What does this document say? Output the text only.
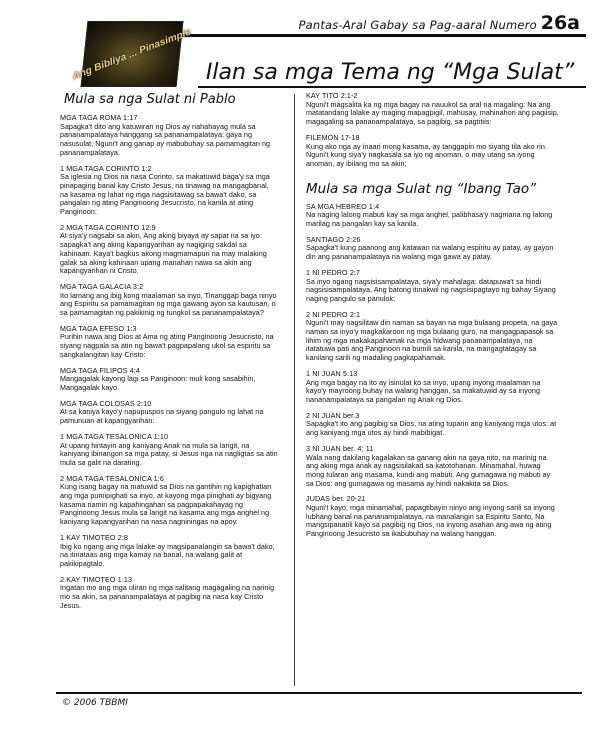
Pantas-Aral Gabay sa Pag-aaral Numero 26a
Ang Bibliya ... Pinasimple Ilan sa mga Tema ng “Mga Sulat”
Mula sa nga Sulat ni Pablo
MGA TAGA ROMA 1:17
Sapagka't dito ang katuwiran ng Dios ay nahahayag mula sa pananampalataya hanggang sa pananampalataya: gaya ng nasusulat, Nguni't ang ganap ay mabubuhay sa pamamagitan ng pananampalataya.
1 MGA TAGA CORINTO 1:2
Sa iglesia ng Dios na nasa Corinto, sa makatuwid baga'y sa mga pinapaging banal kay Cristo Jesus, na tinawag na mangagbanal, na kasama ng lahat ng mga nagsisitawag sa bawa't dako, sa pangalan ng ating Panginoong Jesucristo, na kanila at ating Panginoon:
2 MGA TAGA CORINTO 12:9
At siya'y nagsabi sa akin, Ang aking biyaya ay sapat na sa iyo: sapagka't ang aking kapangyarihan ay nagiging sakdal sa kahinaan. Kaya't bagkus akong magmamapuri na may malaking galak sa aking kahinaan upang manahan nawa sa akin ang kapangyarihan ni Cristo.
MGA TAGA GALACIA 3:2
Ito lamang ang ibig kong maalaman sa inyo, Tinanggap baga ninyo ang Espiritu sa pamamagitan ng mga gawang ayon sa kautusan, o sa pamamagitan ng pakikinig ng tungkol sa pananampalataya?
MGA TAGA EFESO 1:3
Purihin nawa ang Dios at Ama ng ating Panginoong Jesucristo, na siyang nagpala sa atin ng bawa't pagpapalang ukol sa espiritu sa sangkalangitan kay Cristo:
MGA TAGA FILIPOS 4:4
Mangagalak kayong lagi sa Panginoon: muli kong sasabihin, Mangagalak kayo.
MGA TAGA COLOSAS 2:10
At sa kaniya kayo'y napupuspos na siyang pangulo ng lahat na pamunuan at kapangyarihan:
1 MGA TAGA TESALONICA 1:10
At upang hintayin ang kaniyang Anak na mula sa langit, na kaniyang ibinangon sa mga patay, si Jesus nga na nagligtas sa atin mula sa galit na darating.
2 MGA TAGA TESALONICA 1:6
Kung isang bagay na matuwid sa Dios na gantihin ng kapighatian ang mga pumipighati sa inyo, at kayong mga pinighati ay bigyang kasama namin ng kapahingahan sa pagpapakahayag ng Panginoong Jesus mula sa langit na kasama ang mga anghel ng kaniyang kapangyarihan na nasa nagniningas na apoy.
1 KAY TIMOTEO 2:8
Ibig ko ngang ang mga lalake ay magsipanalangin sa bawa't dako, na itinataas ang mga kamay na banal, na walang galit at pakikipagtalo.
2 KAY TIMOTEO 1:13
Ingatan mo ang mga uliran ng mga salitang magagaling na narinig mo sa akin, sa pananampalataya at pagibig na nasa kay Cristo Jesus.
KAY TITO 2:1-2
Nguni't magsalita ka ng mga bagay na nauukol sa aral na magaling: Na ang matatandang lalake ay maging mapagpigil, mahusay, mahinahon ang pagiisip, magagaling sa pananampalataya, sa pagibig, sa pagtitiis:
FILEMON 17-18
Kung ako nga ay inaari mong kasama, ay tanggapin mo siyang tila ako rin. Nguni't kung siya'y nagkasala sa iyo ng anoman, o may utang sa iyong anoman, ay ibilang mo sa akin;
Mula sa mga Sulat ng “Ibang Tao”
SA MGA HEBREO 1:4
Na naging lalong mabuti kay sa mga anghel, palibhasa'y nagmana ng lalong marilag na pangalan kay sa kanila.
SANTIAGO 2:26
Sapagka't kung paanong ang katawan na walang espiritu ay patay, ay gayon din ang pananampalataya na walang mga gawa ay patay.
1 NI PEDRO 2:7
Sa inyo ngang nagsisisampalataya, siya'y mahalaga: datapuwa't sa hindi nagsisisampalataya, Ang batong itinakwil ng nagsisipagtayo ng bahay Siyang naging pangulo sa panulok;
2 NI PEDRO 2:1
Nguni't may nagsilitaw din naman sa bayan na mga bulaang propeta, na gaya naman sa inyo'y magkakaroon ng mga bulaang guro, na mangagpapasok sa lihim ng mga makakapahamak na mga hidwang pananampalataya, na itatatuwa pati ang Panginoon na bumili sa kanila, na mangagtatagay sa kanilang sarili ng madaling pagkapahamak.
1 NI JUAN 5:13
Ang mga bagay na ito ay isinulat ko sa inyo, upang inyong maalaman na kayo'y mayroong buhay na walang hanggan, sa makatuwid ay sa inyong nananampalataya sa pangalan ng Anak ng Dios.
2 NI JUAN ber.3
Sapagka't ito ang pagibig sa Dios, na ating tuparin ang kaniyang mga utos: at ang kaniyang mga utos ay hindi mabibigat.
3 NI JUAN ber. 4; 11
Wala nang dakilang kagalakan sa ganang akin na gaya nito, na marinig na ang aking mga anak ay nagsisilakad sa katotohanan. Minamahal, huwag mong tularan ang masama, kundi ang mabuti. Ang gumagawa ng mabuti ay sa Dios: ang gumagawa ng masama ay hindi nakakita sa Dios.
JUDAS ber. 20-21
Nguni't kayo, mga minamahal, papagtibayin ninyo ang inyong sarili sa inyong lubhang banal na pananampalataya, na manalangin sa Espiritu Santo, Na mangsipanatili kayo sa pagibig ng Dios, na inyong asahan ang awa ng ating Panginoong Jesucristo sa ikabubuhay na walang hanggan.
© 2006 TBBMI
